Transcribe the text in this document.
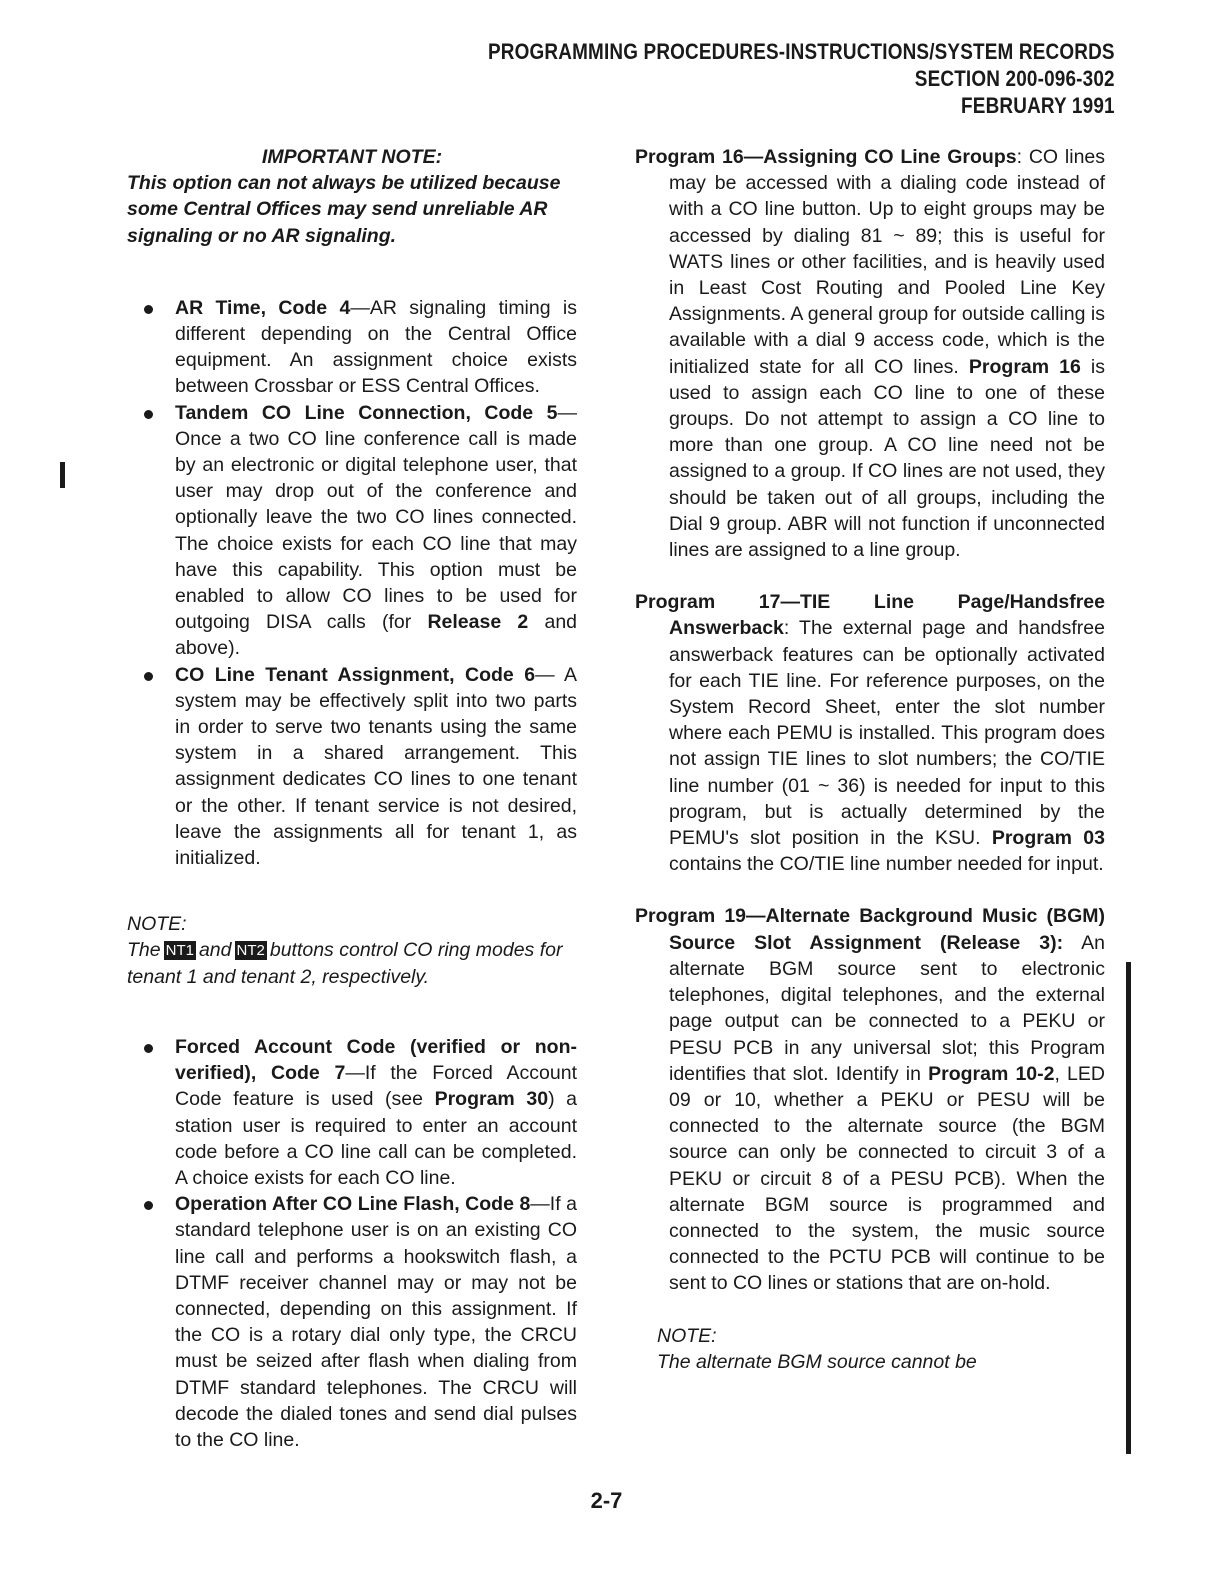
PROGRAMMING PROCEDURES-INSTRUCTIONS/SYSTEM RECORDS
SECTION 200-096-302
FEBRUARY 1991
IMPORTANT NOTE:
This option can not always be utilized because some Central Offices may send unreliable AR signaling or no AR signaling.
AR Time, Code 4—AR signaling timing is different depending on the Central Office equipment. An assignment choice exists between Crossbar or ESS Central Offices.
Tandem CO Line Connection, Code 5— Once a two CO line conference call is made by an electronic or digital telephone user, that user may drop out of the conference and optionally leave the two CO lines connected. The choice exists for each CO line that may have this capability. This option must be enabled to allow CO lines to be used for outgoing DISA calls (for Release 2 and above).
CO Line Tenant Assignment, Code 6— A system may be effectively split into two parts in order to serve two tenants using the same system in a shared arrangement. This assignment dedicates CO lines to one tenant or the other. If tenant service is not desired, leave the assignments all for tenant 1, as initialized.
NOTE:
The NT1 and NT2 buttons control CO ring modes for tenant 1 and tenant 2, respectively.
Forced Account Code (verified or non-verified), Code 7—If the Forced Account Code feature is used (see Program 30) a station user is required to enter an account code before a CO line call can be completed. A choice exists for each CO line.
Operation After CO Line Flash, Code 8—If a standard telephone user is on an existing CO line call and performs a hookswitch flash, a DTMF receiver channel may or may not be connected, depending on this assignment. If the CO is a rotary dial only type, the CRCU must be seized after flash when dialing from DTMF standard telephones. The CRCU will decode the dialed tones and send dial pulses to the CO line.
Program 16—Assigning CO Line Groups: CO lines may be accessed with a dialing code instead of with a CO line button. Up to eight groups may be accessed by dialing 81 ~ 89; this is useful for WATS lines or other facilities, and is heavily used in Least Cost Routing and Pooled Line Key Assignments. A general group for outside calling is available with a dial 9 access code, which is the initialized state for all CO lines. Program 16 is used to assign each CO line to one of these groups. Do not attempt to assign a CO line to more than one group. A CO line need not be assigned to a group. If CO lines are not used, they should be taken out of all groups, including the Dial 9 group. ABR will not function if unconnected lines are assigned to a line group.
Program 17—TIE Line Page/Handsfree Answerback: The external page and handsfree answerback features can be optionally activated for each TIE line. For reference purposes, on the System Record Sheet, enter the slot number where each PEMU is installed. This program does not assign TIE lines to slot numbers; the CO/TIE line number (01 ~ 36) is needed for input to this program, but is actually determined by the PEMU's slot position in the KSU. Program 03 contains the CO/TIE line number needed for input.
Program 19—Alternate Background Music (BGM) Source Slot Assignment (Release 3): An alternate BGM source sent to electronic telephones, digital telephones, and the external page output can be connected to a PEKU or PESU PCB in any universal slot; this Program identifies that slot. Identify in Program 10-2, LED 09 or 10, whether a PEKU or PESU will be connected to the alternate source (the BGM source can only be connected to circuit 3 of a PEKU or circuit 8 of a PESU PCB). When the alternate BGM source is programmed and connected to the system, the music source connected to the PCTU PCB will continue to be sent to CO lines or stations that are on-hold.
NOTE:
The alternate BGM source cannot be
2-7
